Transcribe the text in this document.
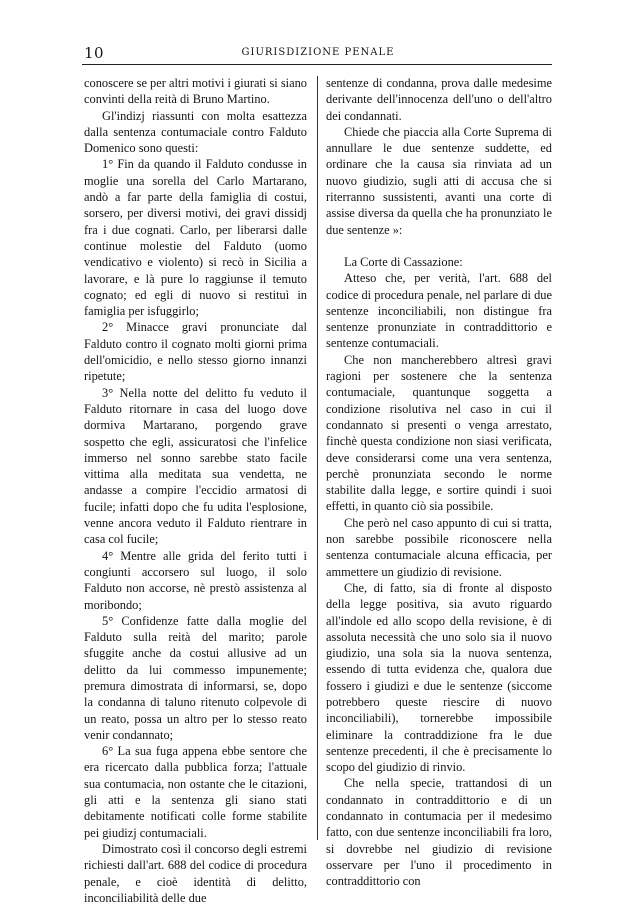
10	GIURISDIZIONE PENALE

conoscere se per altri motivi i giurati si siano convinti della reità di Bruno Martino.

Gl'indizj riassunti con molta esattezza dalla sentenza contumaciale contro Falduto Domenico sono questi:

1° Fin da quando il Falduto condusse in moglie una sorella del Carlo Martarano, andò a far parte della famiglia di costui, sorsero, per diversi motivi, dei gravi dissidj fra i due cognati. Carlo, per liberarsi dalle continue molestie del Falduto (uomo vendicativo e violento) si recò in Sicilia a lavorare, e là pure lo raggiunse il temuto cognato; ed egli di nuovo si restituì in famiglia per isfuggirlo;

2° Minacce gravi pronunciate dal Falduto contro il cognato molti giorni prima dell'omicidio, e nello stesso giorno innanzi ripetute;

3° Nella notte del delitto fu veduto il Falduto ritornare in casa del luogo dove dormiva Martarano, porgendo grave sospetto che egli, assicuratosi che l'infelice immerso nel sonno sarebbe stato facile vittima alla meditata sua vendetta, ne andasse a compire l'eccidio armatosi di fucile; infatti dopo che fu udita l'esplosione, venne ancora veduto il Falduto rientrare in casa col fucile;

4° Mentre alle grida del ferito tutti i congiunti accorsero sul luogo, il solo Falduto non accorse, nè prestò assistenza al moribondo;

5° Confidenze fatte dalla moglie del Falduto sulla reità del marito; parole sfuggite anche da costui allusive ad un delitto da lui commesso impunemente; premura dimostrata di informarsi, se, dopo la condanna di taluno ritenuto colpevole di un reato, possa un altro per lo stesso reato venir condannato;

6° La sua fuga appena ebbe sentore che era ricercato dalla pubblica forza; l'attuale sua contumacia, non ostante che le citazioni, gli atti e la sentenza gli siano stati debitamente notificati colle forme stabilite pei giudizj contumaciali.

Dimostrato così il concorso degli estremi richiesti dall'art. 688 del codice di procedura penale, e cioè identità di delitto, inconciliabilità delle due

sentenze di condanna, prova dalle medesime derivante dell'innocenza dell'uno o dell'altro dei condannati.

Chiede che piaccia alla Corte Suprema di annullare le due sentenze suddette, ed ordinare che la causa sia rinviata ad un nuovo giudizio, sugli atti di accusa che si riterranno sussistenti, avanti una corte di assise diversa da quella che ha pronunziato le due sentenze »:

La Corte di Cassazione:

Atteso che, per verità, l'art. 688 del codice di procedura penale, nel parlare di due sentenze inconciliabili, non distingue fra sentenze pronunziate in contraddittorio e sentenze contumaciali.

Che non mancherebbero altresì gravi ragioni per sostenere che la sentenza contumaciale, quantunque soggetta a condizione risolutiva nel caso in cui il condannato si presenti o venga arrestato, finchè questa condizione non siasi verificata, deve considerarsi come una vera sentenza, perchè pronunziata secondo le norme stabilite dalla legge, e sortire quindi i suoi effetti, in quanto ciò sia possibile.

Che però nel caso appunto di cui si tratta, non sarebbe possibile riconoscere nella sentenza contumaciale alcuna efficacia, per ammettere un giudizio di revisione.

Che, di fatto, sia di fronte al disposto della legge positiva, sia avuto riguardo all'indole ed allo scopo della revisione, è di assoluta necessità che uno solo sia il nuovo giudizio, una sola sia la nuova sentenza, essendo di tutta evidenza che, qualora due fossero i giudizi e due le sentenze (siccome potrebbero queste riescire di nuovo inconciliabili), tornerebbe impossibile eliminare la contraddizione fra le due sentenze precedenti, il che è precisamente lo scopo del giudizio di rinvio.

Che nella specie, trattandosi di un condannato in contraddittorio e di un condannato in contumacia per il medesimo fatto, con due sentenze inconciliabili fra loro, si dovrebbe nel giudizio di revisione osservare per l'uno il procedimento in contraddittorio con
